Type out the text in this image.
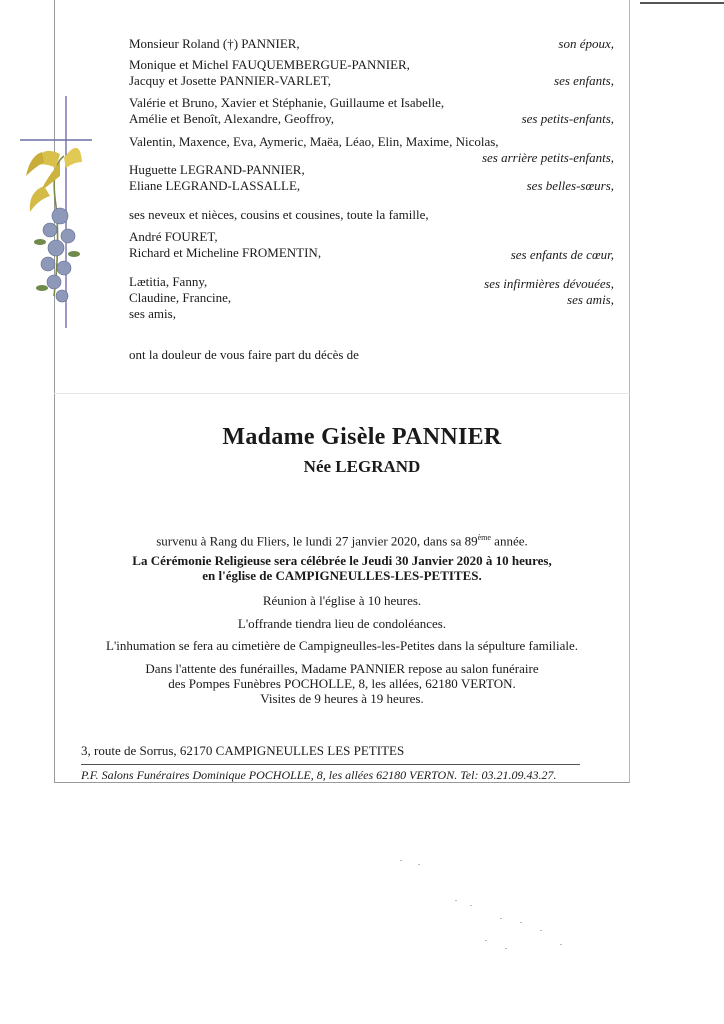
Monsieur Roland (†) PANNIER,	son époux,
Monique et Michel FAUQUEMBERGUE-PANNIER,
Jacquy et Josette PANNIER-VARLET,	ses enfants,
Valérie et Bruno, Xavier et Stéphanie, Guillaume et Isabelle,
Amélie et Benoît, Alexandre, Geoffroy,	ses petits-enfants,
Valentin, Maxence, Eva, Aymeric, Maëa, Léao, Elin, Maxime, Nicolas,
ses arrière petits-enfants,
Huguette LEGRAND-PANNIER,
Eliane LEGRAND-LASSALLE,	ses belles-sœurs,
ses neveux et nièces, cousins et cousines, toute la famille,
André FOURET,
Richard et Micheline FROMENTIN,	ses enfants de cœur,
Lætitia, Fanny,	ses infirmières dévouées,
Claudine, Francine,	ses amis,
ses amis,
ont la douleur de vous faire part du décès de
Madame Gisèle PANNIER
Née LEGRAND
survenu à Rang du Fliers, le lundi 27 janvier 2020, dans sa 89ème année.
La Cérémonie Religieuse sera célébrée le Jeudi 30 Janvier 2020 à 10 heures,
en l'église de CAMPIGNEULLES-LES-PETITES.
Réunion à l'église à 10 heures.
L'offrande tiendra lieu de condoléances.
L'inhumation se fera au cimetière de Campigneulles-les-Petites dans la sépulture familiale.
Dans l'attente des funérailles, Madame PANNIER repose au salon funéraire
des Pompes Funèbres POCHOLLE, 8, les allées, 62180 VERTON.
Visites de 9 heures à 19 heures.
3, route de Sorrus, 62170 CAMPIGNEULLES LES PETITES
P.F. Salons Funéraires Dominique POCHOLLE, 8, les allées 62180 VERTON. Tel: 03.21.09.43.27.
